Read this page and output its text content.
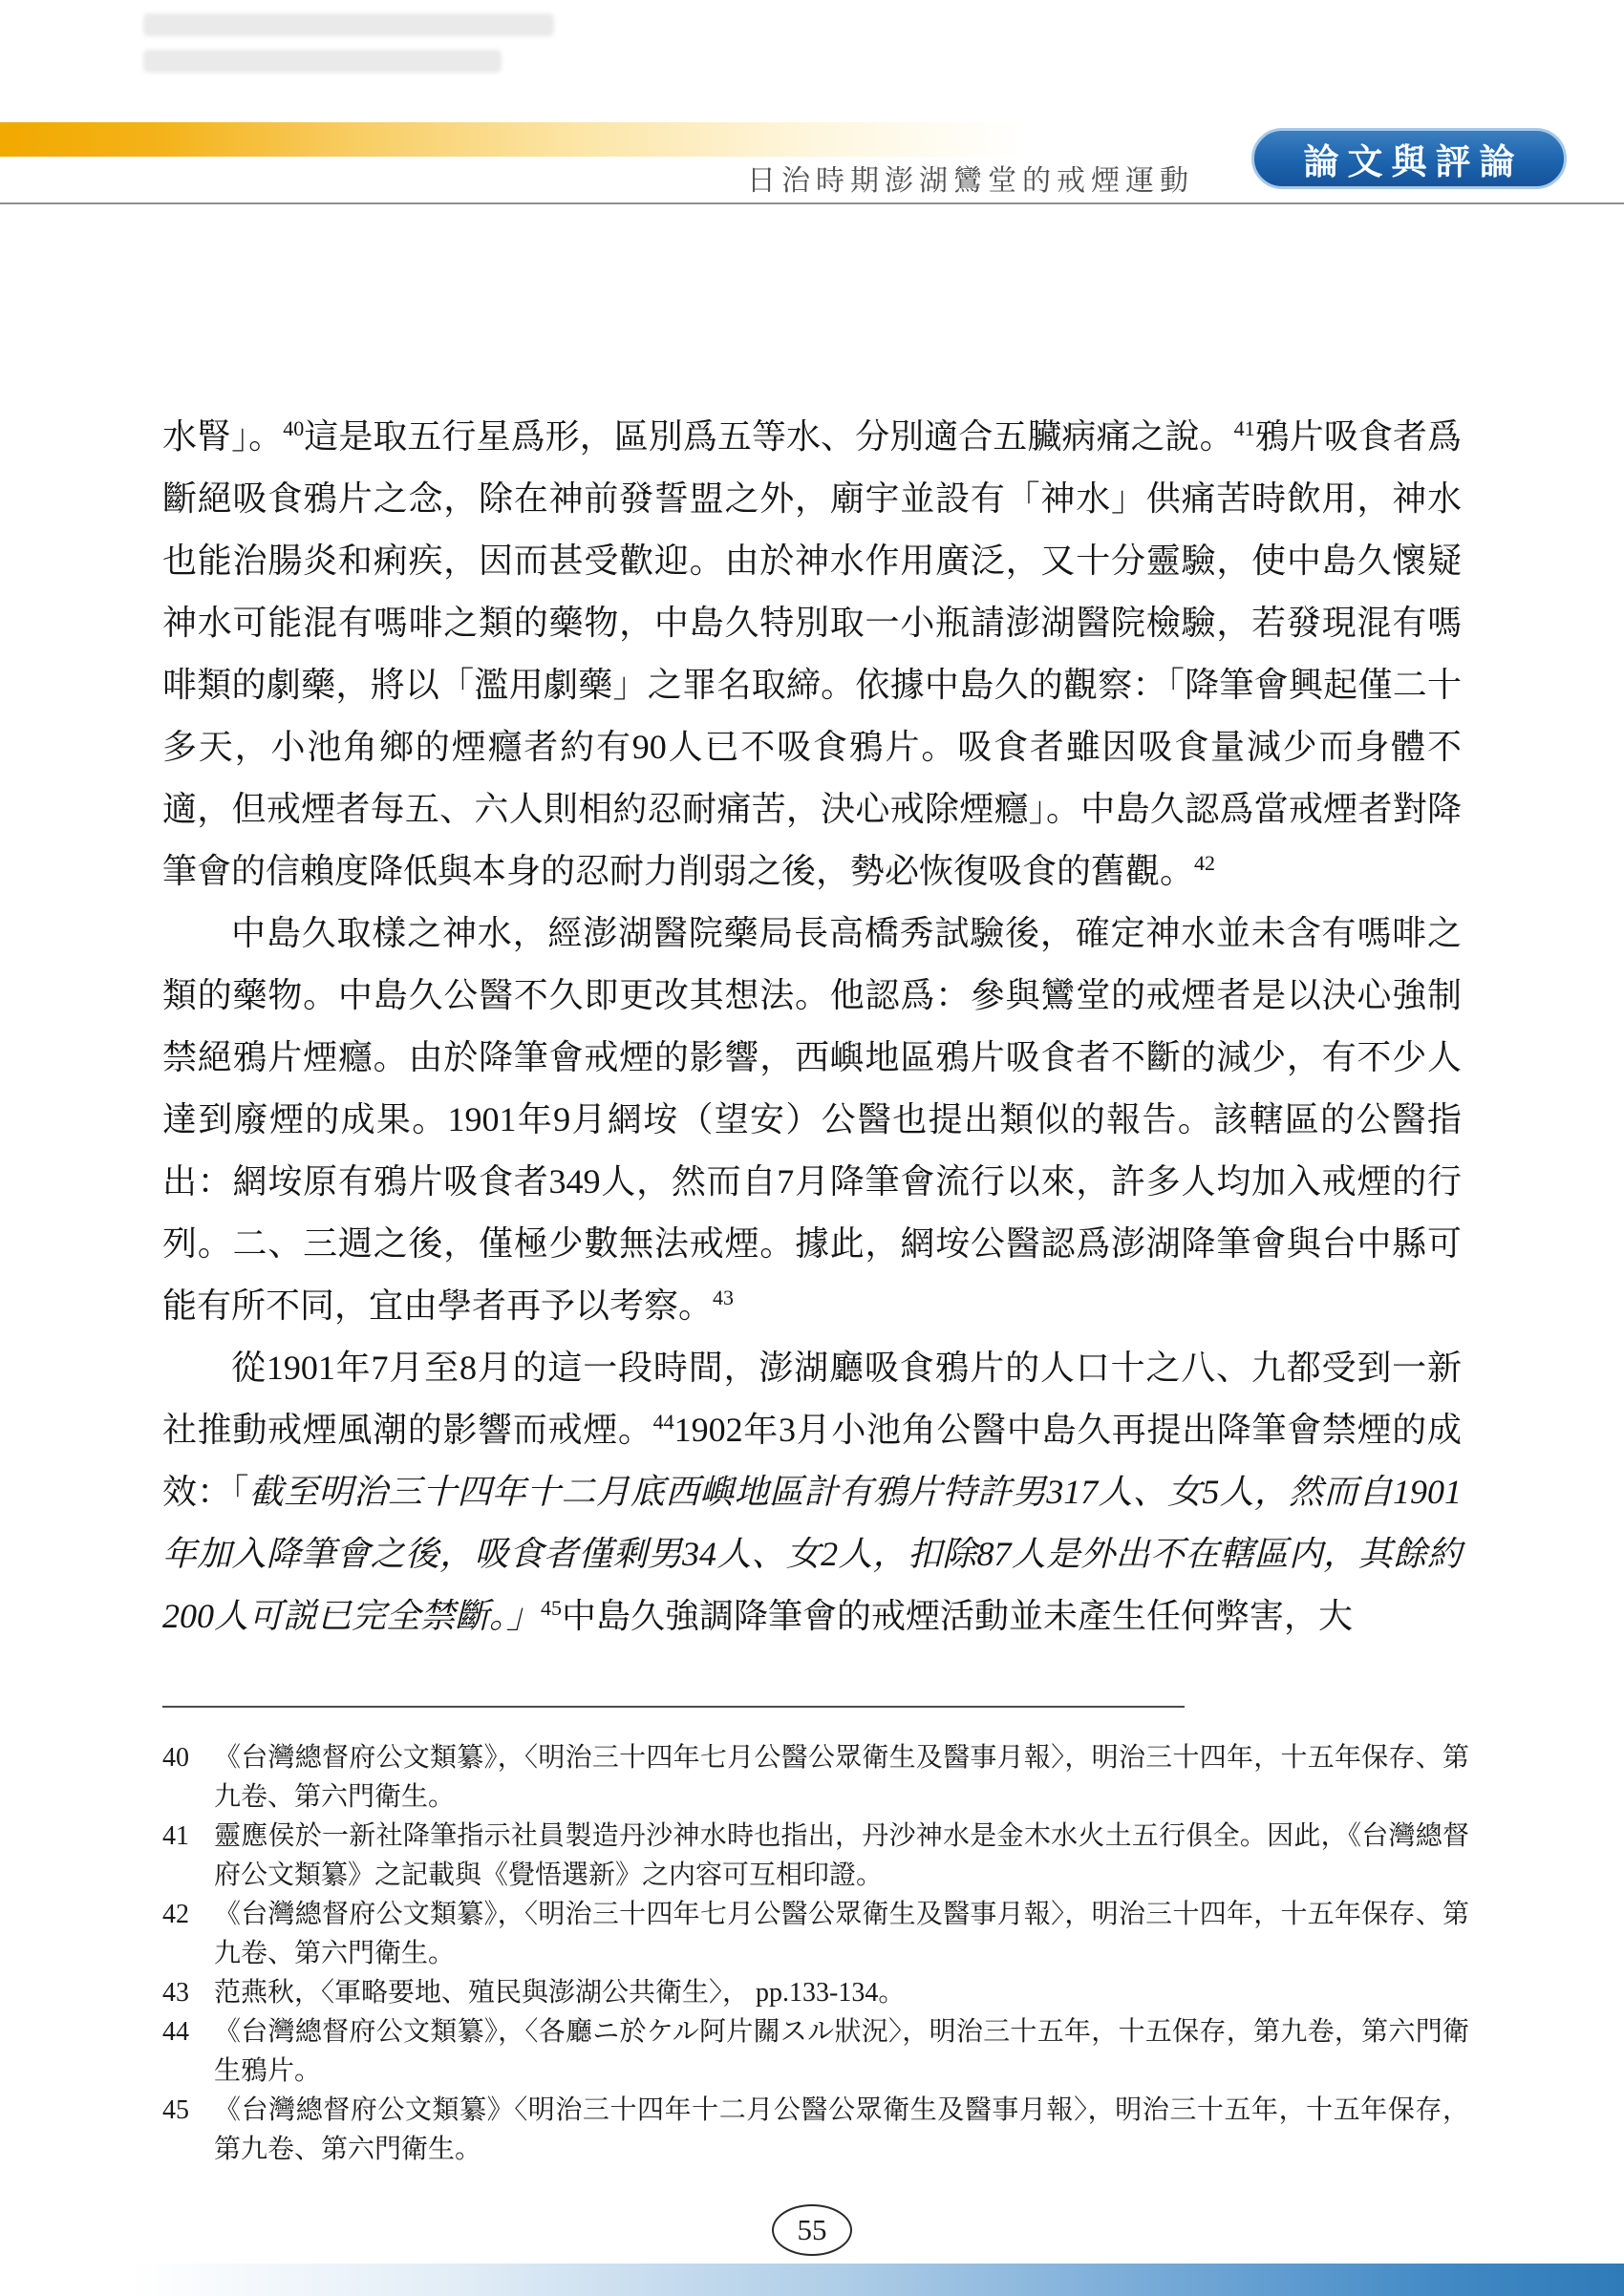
日治時期澎湖鸞堂的戒煙運動	論文與評論

水腎」。$^{40}$這是取五行星爲形，區別爲五等水、分別適合五臟病痛之說。$^{41}$鴉片吸食者爲斷絕吸食鴉片之念，除在神前發誓盟之外，廟宇並設有「神水」供痛苦時飲用，神水也能治腸炎和痢疾，因而甚受歡迎。由於神水作用廣泛，又十分靈驗，使中島久懷疑神水可能混有嗎啡之類的藥物，中島久特別取一小瓶請澎湖醫院檢驗，若發現混有嗎啡類的劇藥，將以「濫用劇藥」之罪名取締。依據中島久的觀察：「降筆會興起僅二十多天，小池角鄉的煙癮者約有90人已不吸食鴉片。吸食者雖因吸食量減少而身體不適，但戒煙者每五、六人則相約忍耐痛苦，決心戒除煙癮」。中島久認爲當戒煙者對降筆會的信賴度降低與本身的忍耐力削弱之後，勢必恢復吸食的舊觀。$^{42}$

中島久取樣之神水，經澎湖醫院藥局長高橋秀試驗後，確定神水並未含有嗎啡之類的藥物。中島久公醫不久即更改其想法。他認爲：參與鸞堂的戒煙者是以決心強制禁絕鴉片煙癮。由於降筆會戒煙的影響，西嶼地區鴉片吸食者不斷的減少，有不少人達到廢煙的成果。1901年9月網垵（望安）公醫也提出類似的報告。該轄區的公醫指出：網垵原有鴉片吸食者349人，然而自7月降筆會流行以來，許多人均加入戒煙的行列。二、三週之後，僅極少數無法戒煙。據此，網垵公醫認爲澎湖降筆會與台中縣可能有所不同，宜由學者再予以考察。$^{43}$

從1901年7月至8月的這一段時間，澎湖廳吸食鴉片的人口十之八、九都受到一新社推動戒煙風潮的影響而戒煙。$^{44}$1902年3月小池角公醫中島久再提出降筆會禁煙的成效：「截至明治三十四年十二月底西嶼地區計有鴉片特許男317人、女5人，然而自1901年加入降筆會之後，吸食者僅剩男34人、女2人，扣除87人是外出不在轄區内，其餘約200人可説已完全禁斷。」$^{45}$中島久強調降筆會的戒煙活動並未產生任何弊害，大

40 《台灣總督府公文類纂》，〈明治三十四年七月公醫公眾衛生及醫事月報〉，明治三十四年，十五年保存、第九卷、第六門衛生。
41 靈應侯於一新社降筆指示社員製造丹沙神水時也指出，丹沙神水是金木水火土五行俱全。因此，《台灣總督府公文類纂》之記載與《覺悟選新》之内容可互相印證。
42 《台灣總督府公文類纂》，〈明治三十四年七月公醫公眾衛生及醫事月報〉，明治三十四年，十五年保存、第九卷、第六門衛生。
43 范燕秋，〈軍略要地、殖民與澎湖公共衛生〉， pp.133-134。
44 《台灣總督府公文類纂》，〈各廳ニ於ケル阿片關スル狀況〉，明治三十五年，十五保存，第九卷，第六門衛生鴉片。
45 《台灣總督府公文類纂》〈明治三十四年十二月公醫公眾衛生及醫事月報〉，明治三十五年，十五年保存，第九卷、第六門衛生。
55
